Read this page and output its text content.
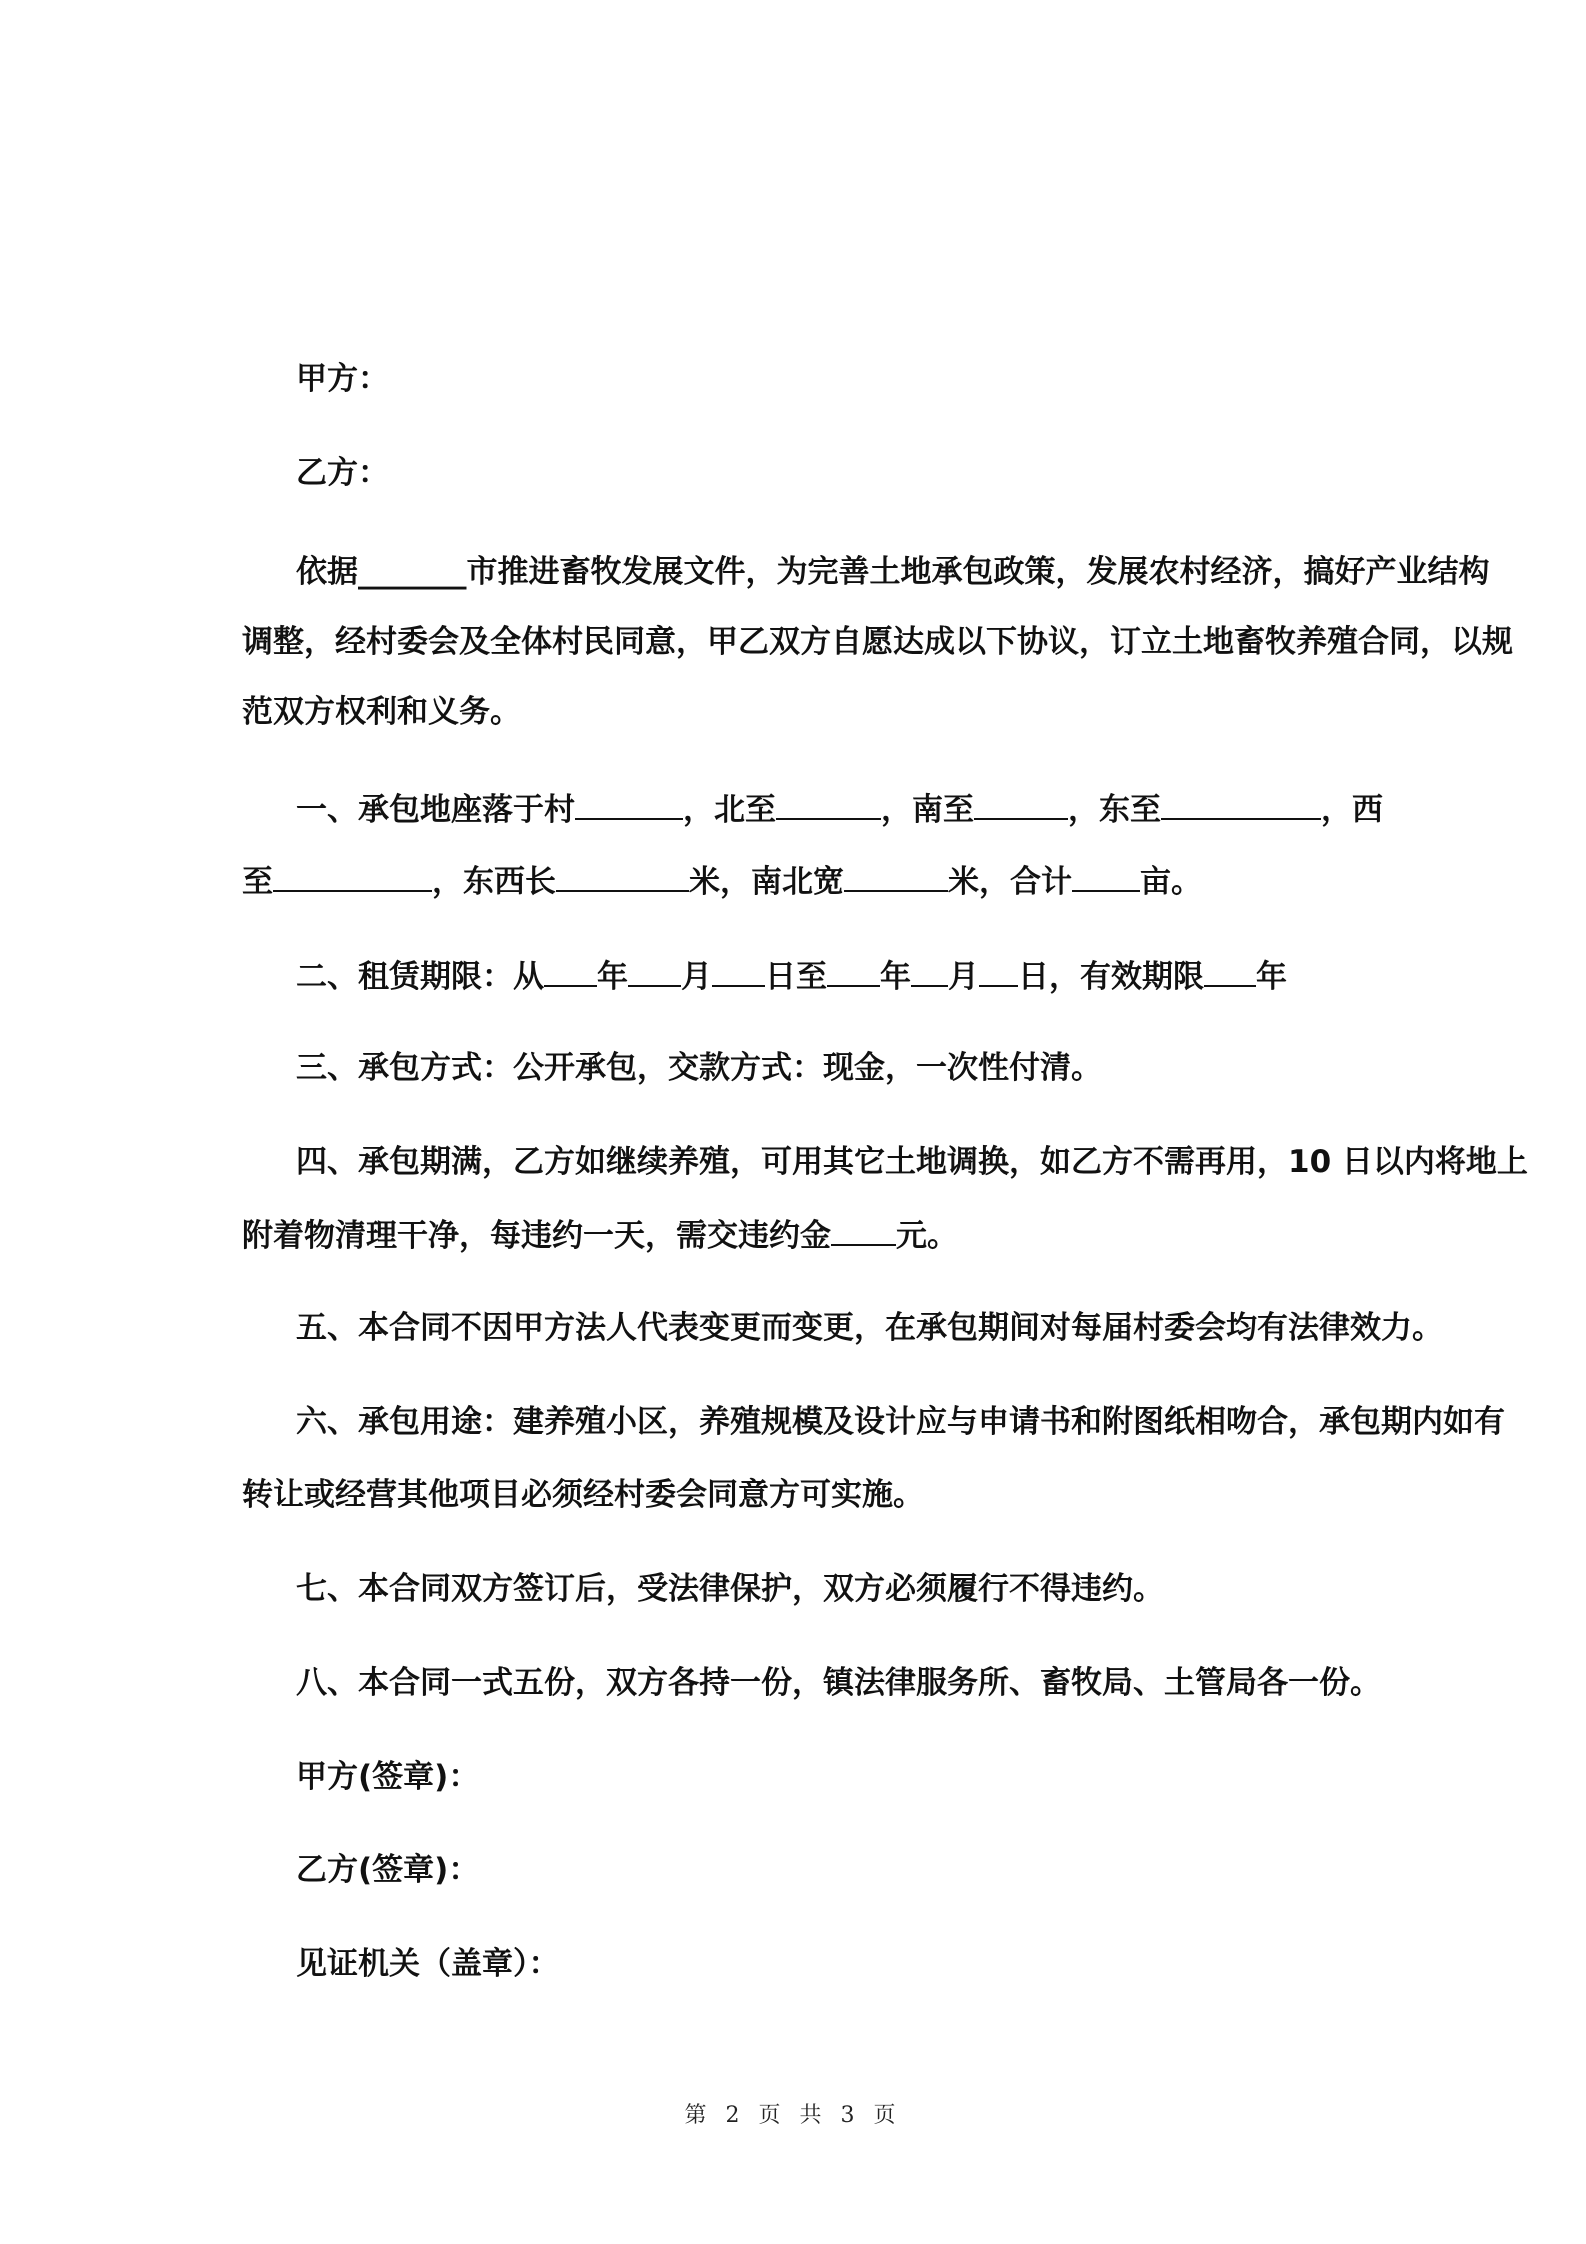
甲方：
乙方：
依据_______市推进畜牧发展文件，为完善土地承包政策，发展农村经济，搞好产业结构
调整，经村委会及全体村民同意，甲乙双方自愿达成以下协议，订立土地畜牧养殖合同，以规
范双方权利和义务。
一、承包地座落于村	，北至	，南至	，东至	，西
至	，东西长	米，南北宽	米，合计 亩。
二、租赁期限：从 年 月 日至 年 月 日，有效期限 年
三、承包方式：公开承包，交款方式：现金，一次性付清。
四、承包期满，乙方如继续养殖，可用其它土地调换，如乙方不需再用，10 日以内将地上
附着物清理干净，每违约一天，需交违约金 元。
五、本合同不因甲方法人代表变更而变更，在承包期间对每届村委会均有法律效力。
六、承包用途：建养殖小区，养殖规模及设计应与申请书和附图纸相吻合，承包期内如有
转让或经营其他项目必须经村委会同意方可实施。
七、本合同双方签订后，受法律保护，双方必须履行不得违约。
八、本合同一式五份，双方各持一份，镇法律服务所、畜牧局、土管局各一份。
甲方(签章)：
乙方(签章)：
见证机关（盖章）：
第 2 页 共 3 页
